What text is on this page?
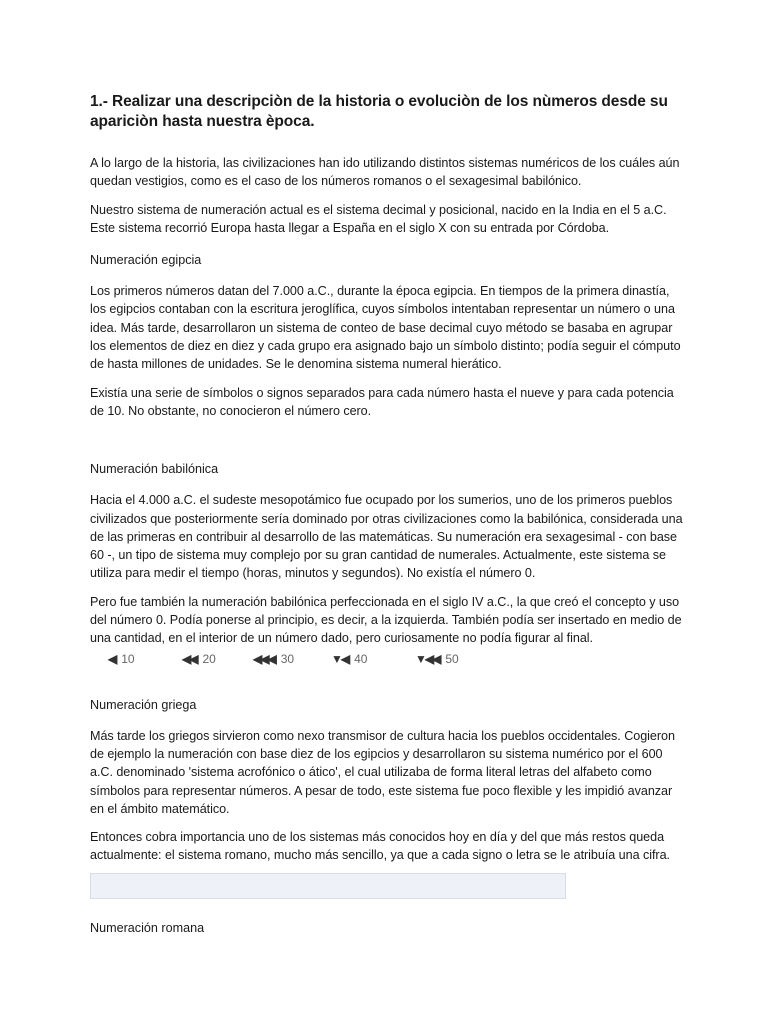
1.- Realizar una descripciòn de la historia o evoluciòn de los nùmeros desde su apariciòn hasta nuestra època.

A lo largo de la historia, las civilizaciones han ido utilizando distintos sistemas numéricos de los cuáles aún quedan vestigios, como es el caso de los números romanos o el sexagesimal babilónico.

Nuestro sistema de numeración actual es el sistema decimal y posicional, nacido en la India en el 5 a.C. Este sistema recorrió Europa hasta llegar a España en el siglo X con su entrada por Córdoba.

Numeración egipcia

Los primeros números datan del 7.000 a.C., durante la época egipcia. En tiempos de la primera dinastía, los egipcios contaban con la escritura jeroglífica, cuyos símbolos intentaban representar un número o una idea. Más tarde, desarrollaron un sistema de conteo de base decimal cuyo método se basaba en agrupar los elementos de diez en diez y cada grupo era asignado bajo un símbolo distinto; podía seguir el cómputo de hasta millones de unidades. Se le denomina sistema numeral hierático.

Existía una serie de símbolos o signos separados para cada número hasta el nueve y para cada potencia de 10. No obstante, no conocieron el número cero.

Numeración babilónica

Hacia el 4.000 a.C. el sudeste mesopotámico fue ocupado por los sumerios, uno de los primeros pueblos civilizados que posteriormente sería dominado por otras civilizaciones como la babilónica, considerada una de las primeras en contribuir al desarrollo de las matemáticas. Su numeración era sexagesimal - con base 60 -, un tipo de sistema muy complejo por su gran cantidad de numerales. Actualmente, este sistema se utiliza para medir el tiempo (horas, minutos y segundos). No existía el número 0.

Pero fue también la numeración babilónica perfeccionada en el siglo IV a.C., la que creó el concepto y uso del número 0. Podía ponerse al principio, es decir, a la izquierda. También podía ser insertado en medio de una cantidad, en el interior de un número dado, pero curiosamente no podía figurar al final.

◀ 10	◀◀ 20	◀◀◀ 30	▼◀ 40	▼◀◀ 50
Numeración griega

Más tarde los griegos sirvieron como nexo transmisor de cultura hacia los pueblos occidentales. Cogieron de ejemplo la numeración con base diez de los egipcios y desarrollaron su sistema numérico por el 600 a.C. denominado 'sistema acrofónico o ático', el cual utilizaba de forma literal letras del alfabeto como símbolos para representar números. A pesar de todo, este sistema fue poco flexible y les impidió avanzar en el ámbito matemático.

Entonces cobra importancia uno de los sistemas más conocidos hoy en día y del que más restos queda actualmente: el sistema romano, mucho más sencillo, ya que a cada signo o letra se le atribuía una cifra.

Numeración romana
